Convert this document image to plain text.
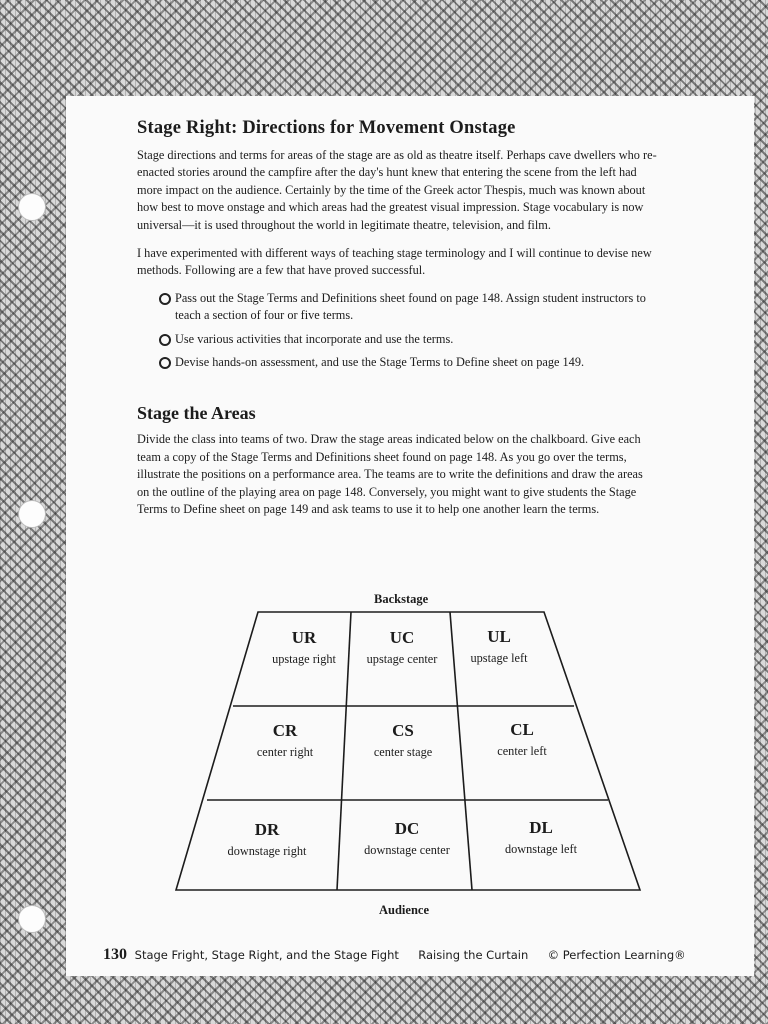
Stage Right: Directions for Movement Onstage

Stage directions and terms for areas of the stage are as old as theatre itself. Perhaps cave dwellers who re-enacted stories around the campfire after the day's hunt knew that entering the scene from the left had more impact on the audience. Certainly by the time of the Greek actor Thespis, much was known about how best to move onstage and which areas had the greatest visual impression. Stage vocabulary is now universal—it is used throughout the world in legitimate theatre, television, and film.

I have experimented with different ways of teaching stage terminology and I will continue to devise new methods. Following are a few that have proved successful.

Pass out the Stage Terms and Definitions sheet found on page 148. Assign student instructors to teach a section of four or five terms.
Use various activities that incorporate and use the terms.
Devise hands-on assessment, and use the Stage Terms to Define sheet on page 149.
Stage the Areas

Divide the class into teams of two. Draw the stage areas indicated below on the chalkboard. Give each team a copy of the Stage Terms and Definitions sheet found on page 148. As you go over the terms, illustrate the positions on a performance area. The teams are to write the definitions and draw the areas on the outline of the playing area on page 148. Conversely, you might want to give students the Stage Terms to Define sheet on page 149 and ask teams to use it to help one another learn the terms.

Backstage
Audience
UR
upstage right
UC
upstage center
UL
upstage left
CR
center right
CS
center stage
CL
center left
DR
downstage right
DC
downstage center
DL
downstage left
130 Stage Fright, Stage Right, and the Stage Fight Raising the Curtain © Perfection Learning®
